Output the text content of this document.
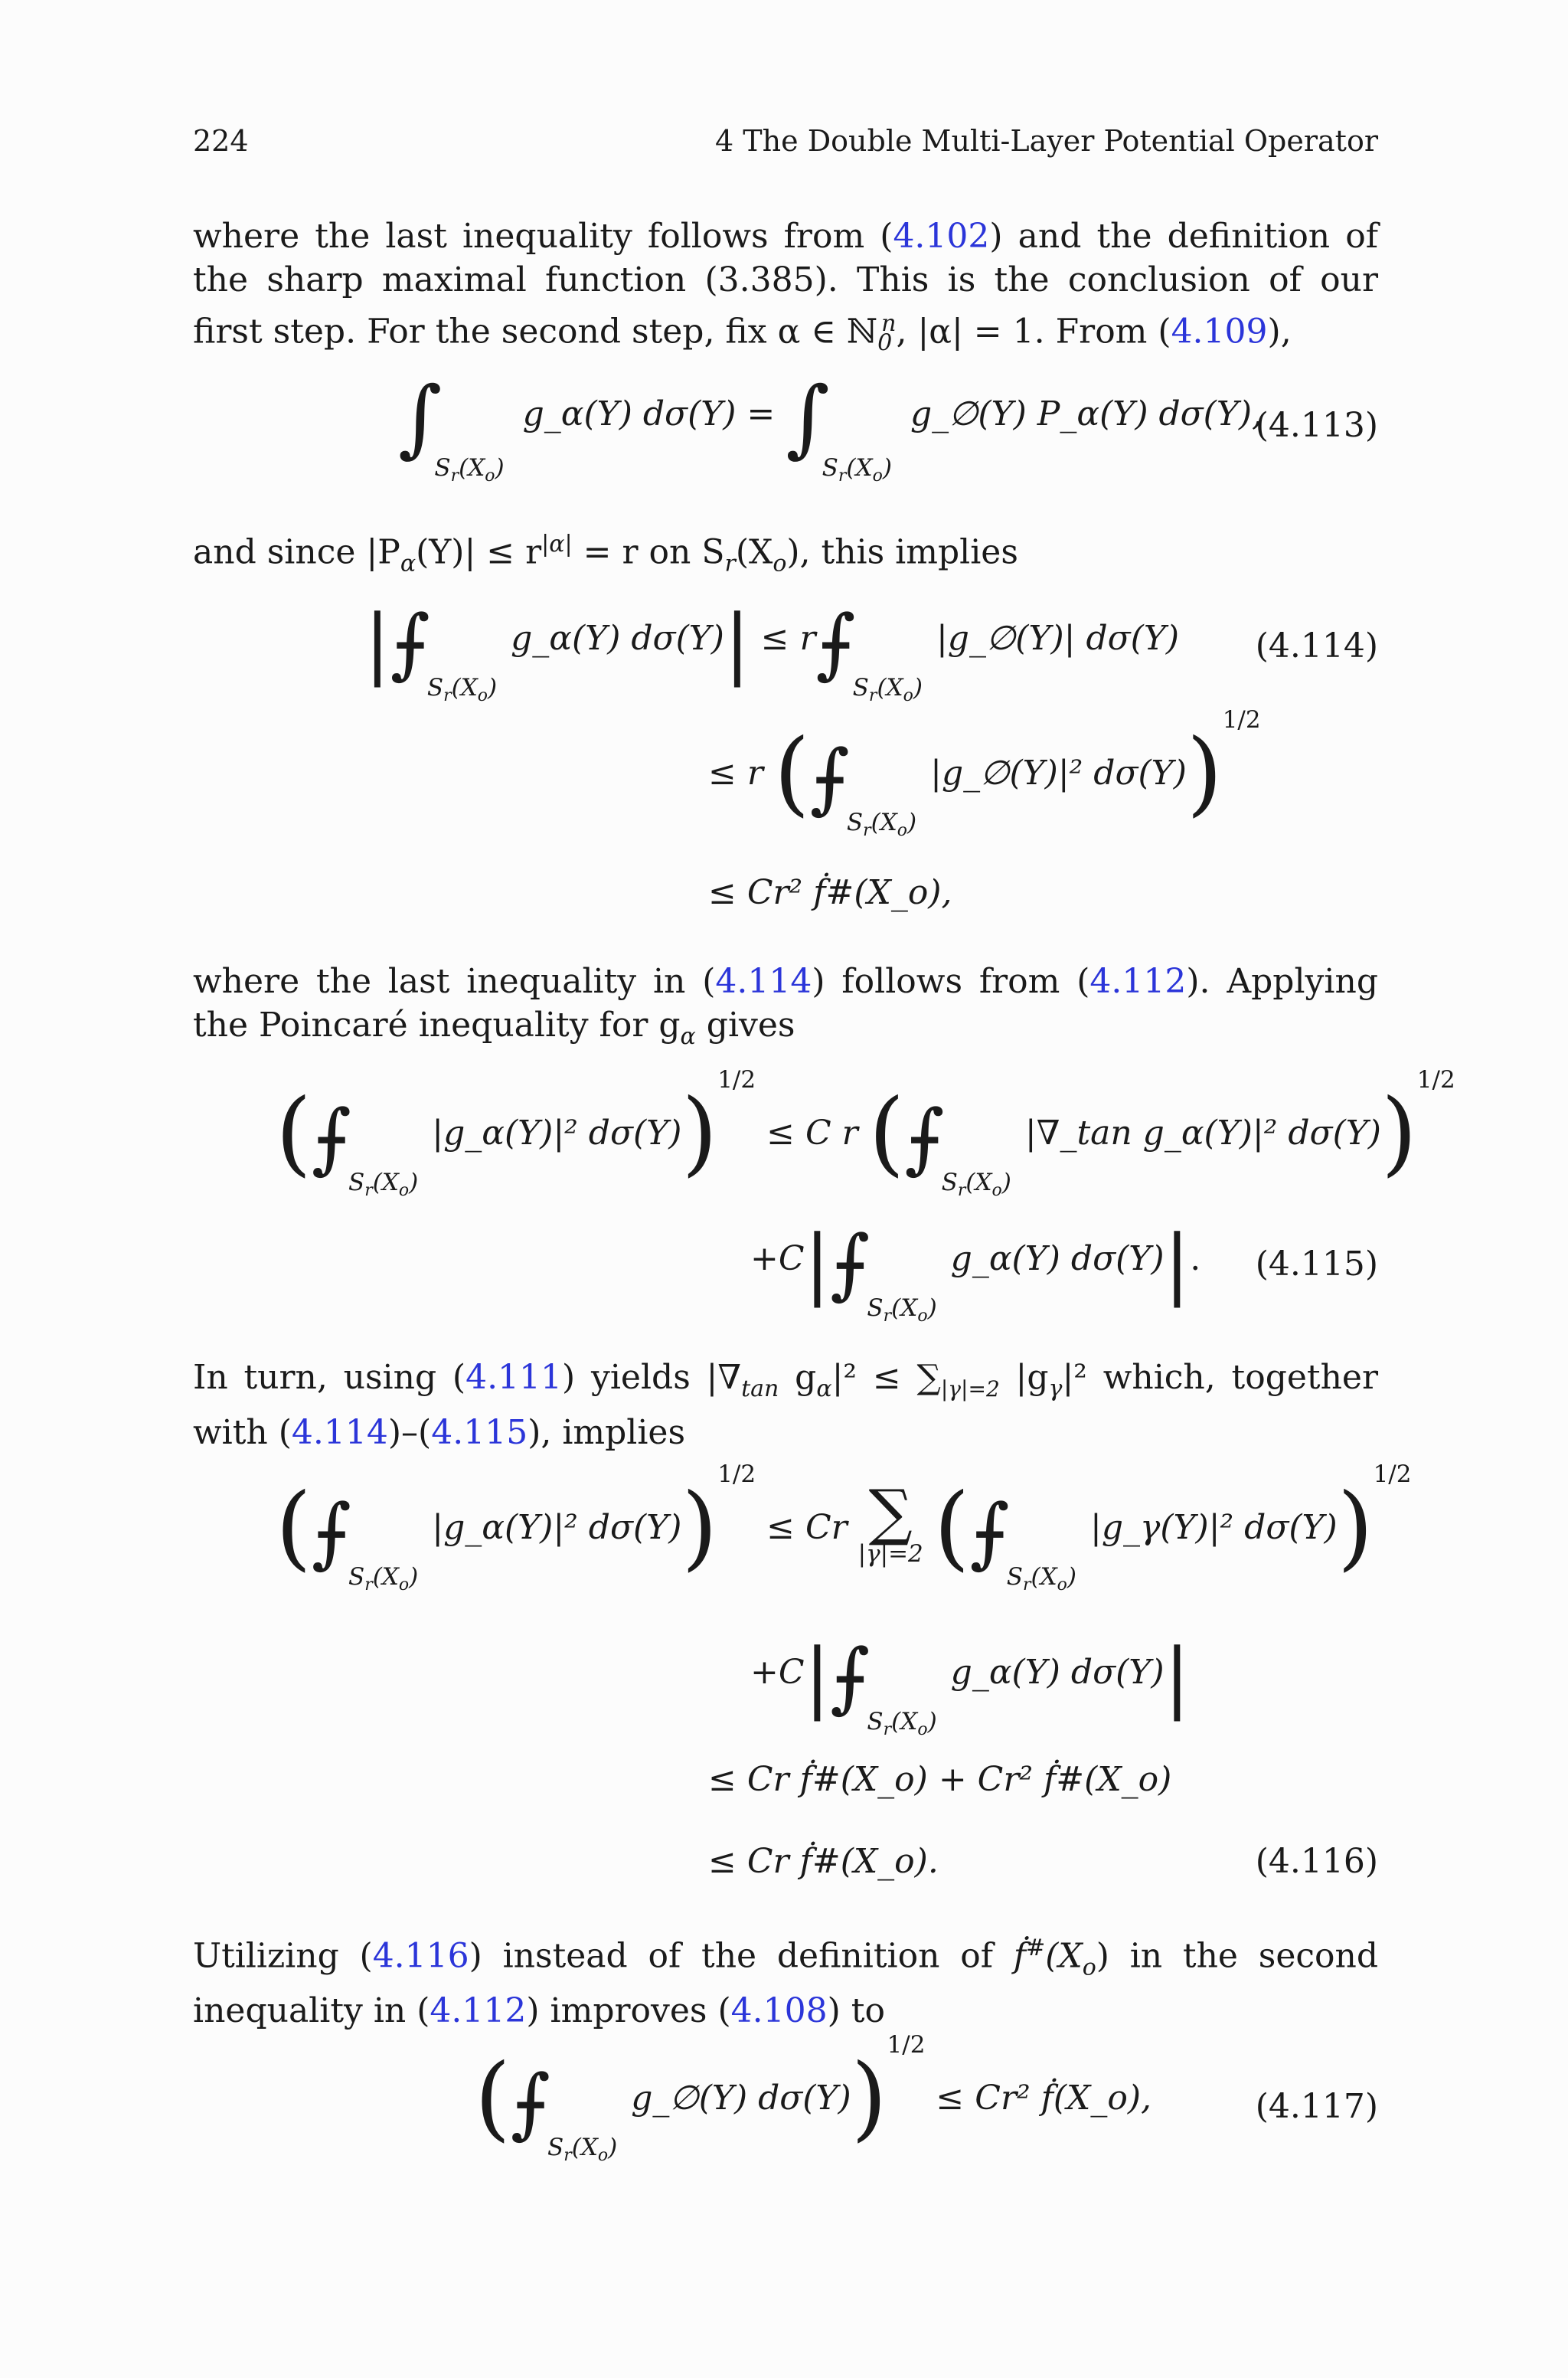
224	4 The Double Multi-Layer Potential Operator

where the last inequality follows from (4.102) and the definition of the sharp maximal function (3.385). This is the conclusion of our first step. For the second step, fix α ∈ ℕ$_0^n$, |α| = 1. From (4.109),

$\int_{S_r(X_o)}$ g_α(Y) $d\sigma(Y) = \int_{S_r(X_o)}$ g_∅(Y) P_α(Y) dσ(Y),
(4.113)

and since $|P_\alpha(Y)| \le r^{|\alpha|} = r$ on $S_r(X_o)$, this implies

$|⨍_{S_r(X_o)}$ g_α(Y) $d\sigma(Y)| \le r⨍_{S_r(X_o)}$ |g_∅(Y)| dσ(Y) (4.114)
≤ r ($⨍_{S_r(X_o)}$ |g_∅(Y)|² dσ(Y))$^{1/2}$
≤ Cr² ḟ#(X_o),

where the last inequality in (4.114) follows from (4.112). Applying the Poincaré inequality for $g_\alpha$ gives

($⨍_{S_r(X_o)}$ |g_α(Y)|² dσ(Y))$^{1/2}$ ≤ C r ($⨍_{S_r(X_o)}$ |∇_tan g_α(Y)|² dσ(Y))$^{1/2}$
$+C|⨍_{S_r(X_o)}$ g_α(Y) dσ(Y)|. (4.115)

In turn, using (4.111) yields $|\nabla_{tan}$ $g_\alpha|^2 \le \sum_{|\gamma|=2}$ $|g_\gamma|^2$ which, together with (4.114)–(4.115), implies

($⨍_{S_r(X_o)}$ |g_α(Y)|² dσ(Y))$^{1/2}$ ≤ Cr ∑
|γ|=2 ($⨍_{S_r(X_o)}$ |g_γ(Y)|² dσ(Y))$^{1/2}$
$+C|⨍_{S_r(X_o)}$ g_α(Y) dσ(Y)|
≤ Cr ḟ#(X_o) + Cr² ḟ#(X_o)
≤ Cr ḟ#(X_o).	(4.116)

Utilizing (4.116) instead of the definition of $ḟ^{\#}(X_o)$ in the second inequality in (4.112) improves (4.108) to

($⨍_{S_r(X_o)}$ g_∅(Y) dσ(Y))$^{1/2}$ ≤ Cr² ḟ(X_o),	(4.117)
